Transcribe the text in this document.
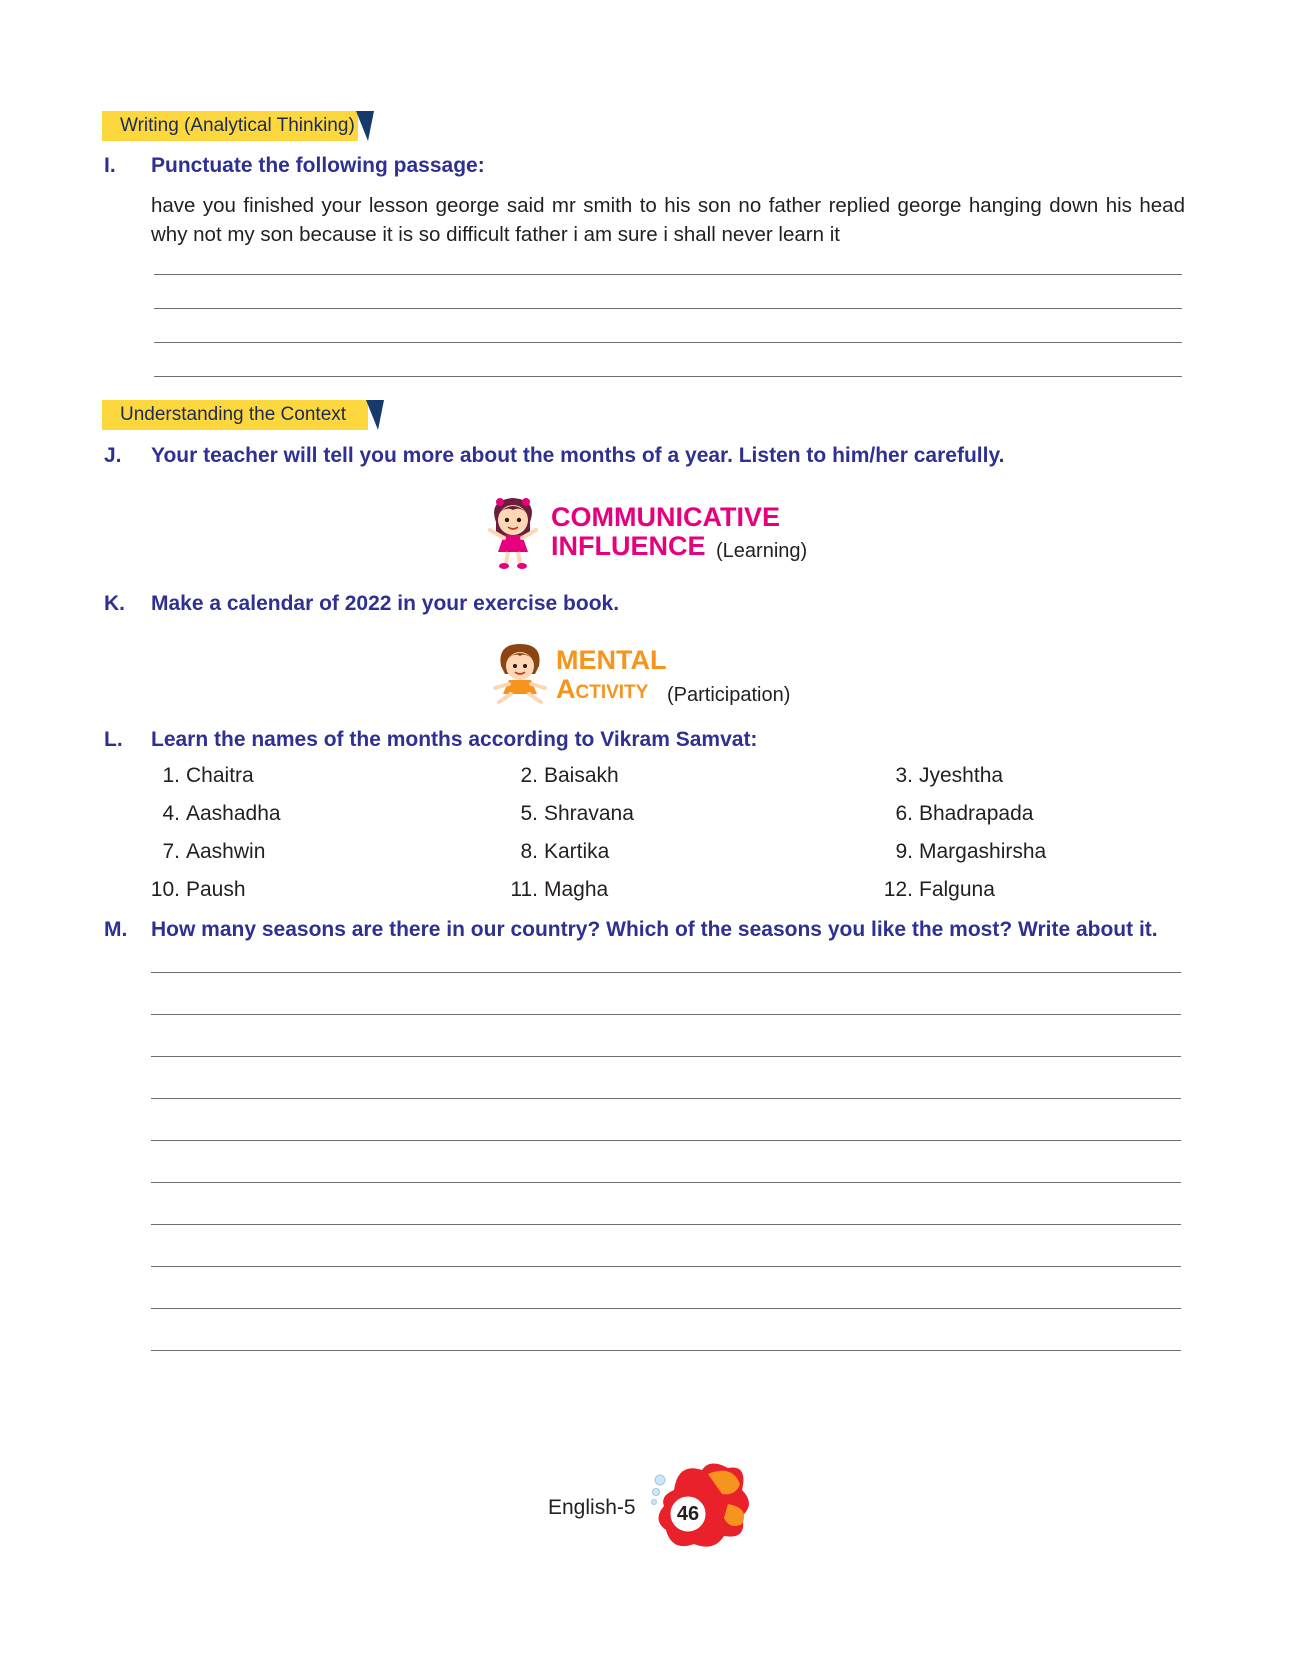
Writing (Analytical Thinking)
I. Punctuate the following passage:
have you finished your lesson george said mr smith to his son no father replied george hanging down his head why not my son because it is so difficult father i am sure i shall never learn it
Understanding the Context
J. Your teacher will tell you more about the months of a year. Listen to him/her carefully.
COMMUNICATIVE
INFLUENCE (Learning)
K. Make a calendar of 2022 in your exercise book.
MENTAL
Activity (Participation)
L. Learn the names of the months according to Vikram Samvat:
1. Chaitra	2. Baisakh	3. Jyeshtha
4. Aashadha	5. Shravana	6. Bhadrapada
7. Aashwin	8. Kartika	9. Margashirsha
10. Paush	11. Magha	12. Falguna
M. How many seasons are there in our country? Which of the seasons you like the most? Write about it.
English-5 46
